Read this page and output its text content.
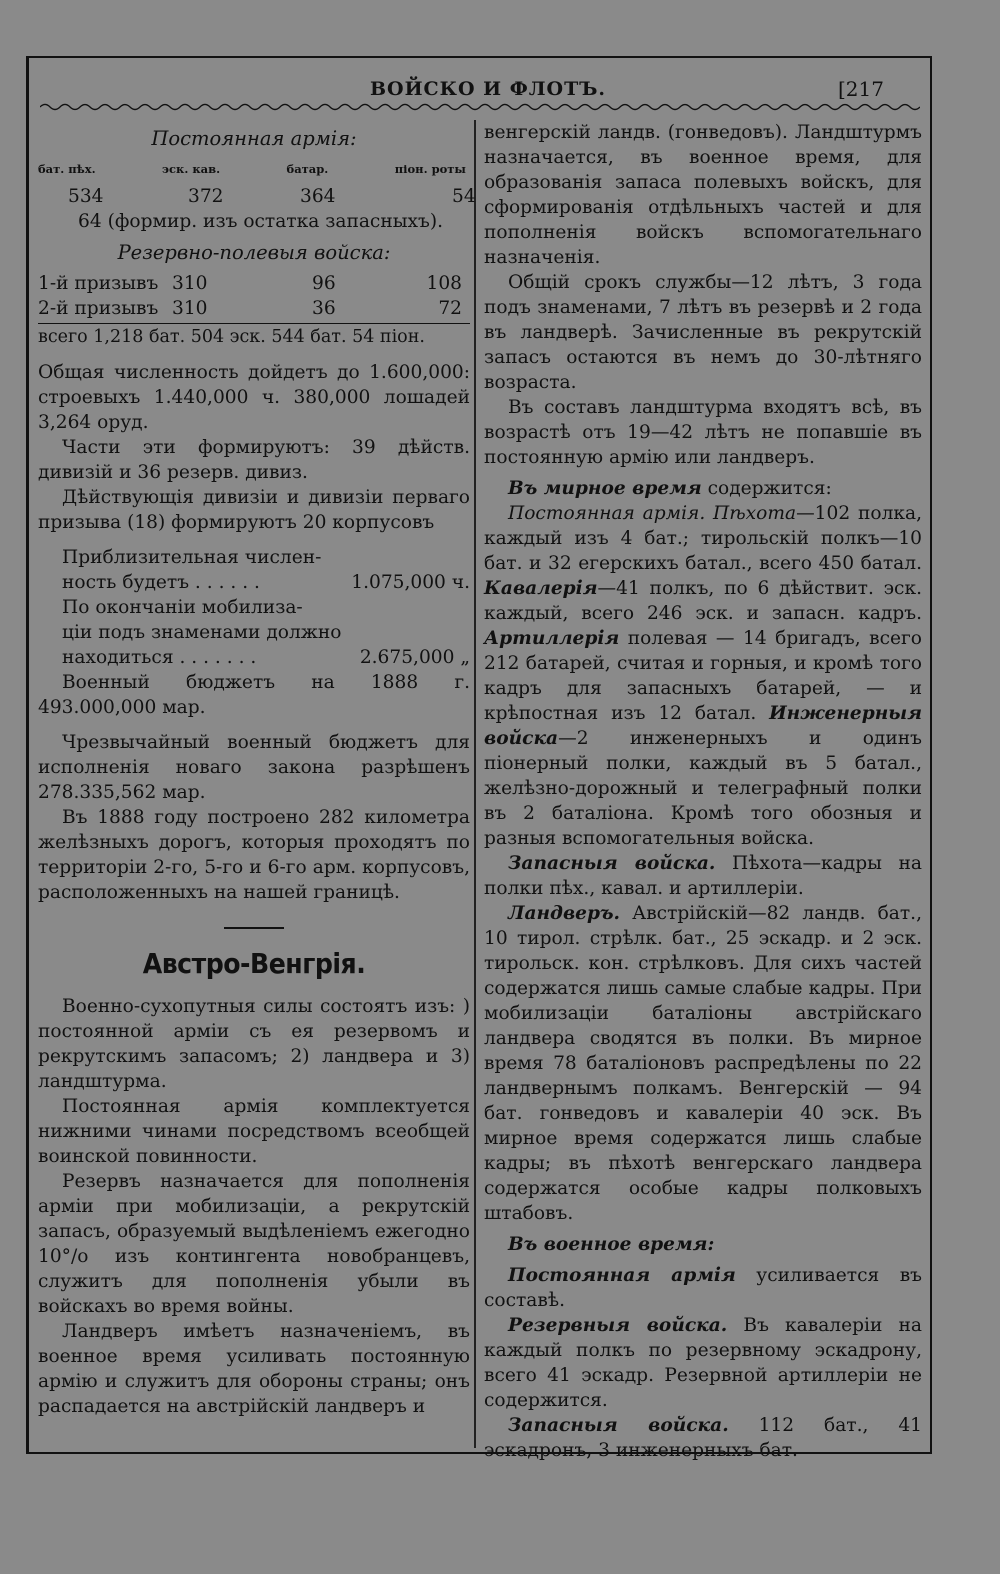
ВОЙСКО И ФЛОТЪ.	[217
Постоянная армія:
бат. пѣх.	эск. кав.	батар.	піон. роты
534	372	364	54
64 (формир. изъ остатка запасныхъ).
Резервно-полевыя войска:
1-й призывъ 310	96	108
2-й призывъ 310	36	72
всего 1,218 бат. 504 эск. 544 бат. 54 піон.

Общая численность дойдетъ до 1.600,000: строевыхъ 1.440,000 ч. 380,000 лошадей 3,264 оруд.

Части эти формируютъ: 39 дѣйств. дивизій и 36 резерв. дивиз.

Дѣйствующія дивизіи и дивизіи перваго призыва (18) формируютъ 20 корпусовъ

Приблизительная числен-
ность будетъ . . . . . .	1.075,000 ч.
По окончаніи мобилиза-
ціи подъ знаменами должно
находиться . . . . . . .	2.675,000 „

Военный бюджетъ на 1888 г. 493.000,000 мар.

Чрезвычайный военный бюджетъ для исполненія новаго закона разрѣшенъ 278.335,562 мар.

Въ 1888 году построено 282 километра желѣзныхъ дорогъ, которыя проходятъ по территоріи 2-го, 5-го и 6-го арм. корпусовъ, расположенныхъ на нашей границѣ.

Австро-Венгрія.

Военно-сухопутныя силы состоятъ изъ: ) постоянной арміи съ ея резервомъ и рекрутскимъ запасомъ; 2) ландвера и 3) ландштурма.

Постоянная армія комплектуется нижними чинами посредствомъ всеобщей воинской повинности.

Резервъ назначается для пополненія арміи при мобилизаціи, а рекрутскій запасъ, образуемый выдѣленіемъ ежегодно 10°/о изъ контингента новобранцевъ, служитъ для пополненія убыли въ войскахъ во время войны.

Ландверъ имѣетъ назначеніемъ, въ военное время усиливать постоянную армію и служитъ для обороны страны; онъ распадается на австрійскій ландверъ и

венгерскій ландв. (гонведовъ). Ландштурмъ назначается, въ военное время, для образованія запаса полевыхъ войскъ, для сформированія отдѣльныхъ частей и для пополненія войскъ вспомогательнаго назначенія.

Общій срокъ службы—12 лѣтъ, 3 года подъ знаменами, 7 лѣтъ въ резервѣ и 2 года въ ландверѣ. Зачисленные въ рекрутскій запасъ остаются въ немъ до 30-лѣтняго возраста.

Въ составъ ландштурма входятъ всѣ, въ возрастѣ отъ 19—42 лѣтъ не попавшіе въ постоянную армію или ландверъ.

Въ мирное время содержится:

Постоянная армія. Пѣхота—102 полка, каждый изъ 4 бат.; тирольскій полкъ—10 бат. и 32 егерскихъ батал., всего 450 батал. Кавалерія—41 полкъ, по 6 дѣйствит. эск. каждый, всего 246 эск. и запасн. кадръ. Артиллерія полевая — 14 бригадъ, всего 212 батарей, считая и горныя, и кромѣ того кадръ для запасныхъ батарей, — и крѣпостная изъ 12 батал. Инженерныя войска—2 инженерныхъ и одинъ піонерный полки, каждый въ 5 батал., желѣзно-дорожный и телеграфный полки въ 2 баталіона. Кромѣ того обозныя и разныя вспомогательныя войска.

Запасныя войска. Пѣхота—кадры на полки пѣх., кавал. и артиллеріи.

Ландверъ. Австрійскій—82 ландв. бат., 10 тирол. стрѣлк. бат., 25 эскадр. и 2 эск. тирольск. кон. стрѣлковъ. Для сихъ частей содержатся лишь самые слабые кадры. При мобилизаціи баталіоны австрійскаго ландвера сводятся въ полки. Въ мирное время 78 баталіоновъ распредѣлены по 22 ландвернымъ полкамъ. Венгерскій — 94 бат. гонведовъ и кавалеріи 40 эск. Въ мирное время содержатся лишь слабые кадры; въ пѣхотѣ венгерскаго ландвера содержатся особые кадры полковыхъ штабовъ.

Въ военное время:

Постоянная армія усиливается въ составѣ.

Резервныя войска. Въ кавалеріи на каждый полкъ по резервному эскадрону, всего 41 эскадр. Резервной артиллеріи не содержится.

Запасныя войска. 112 бат., 41 эскадронъ, 3 инженерныхъ бат.
